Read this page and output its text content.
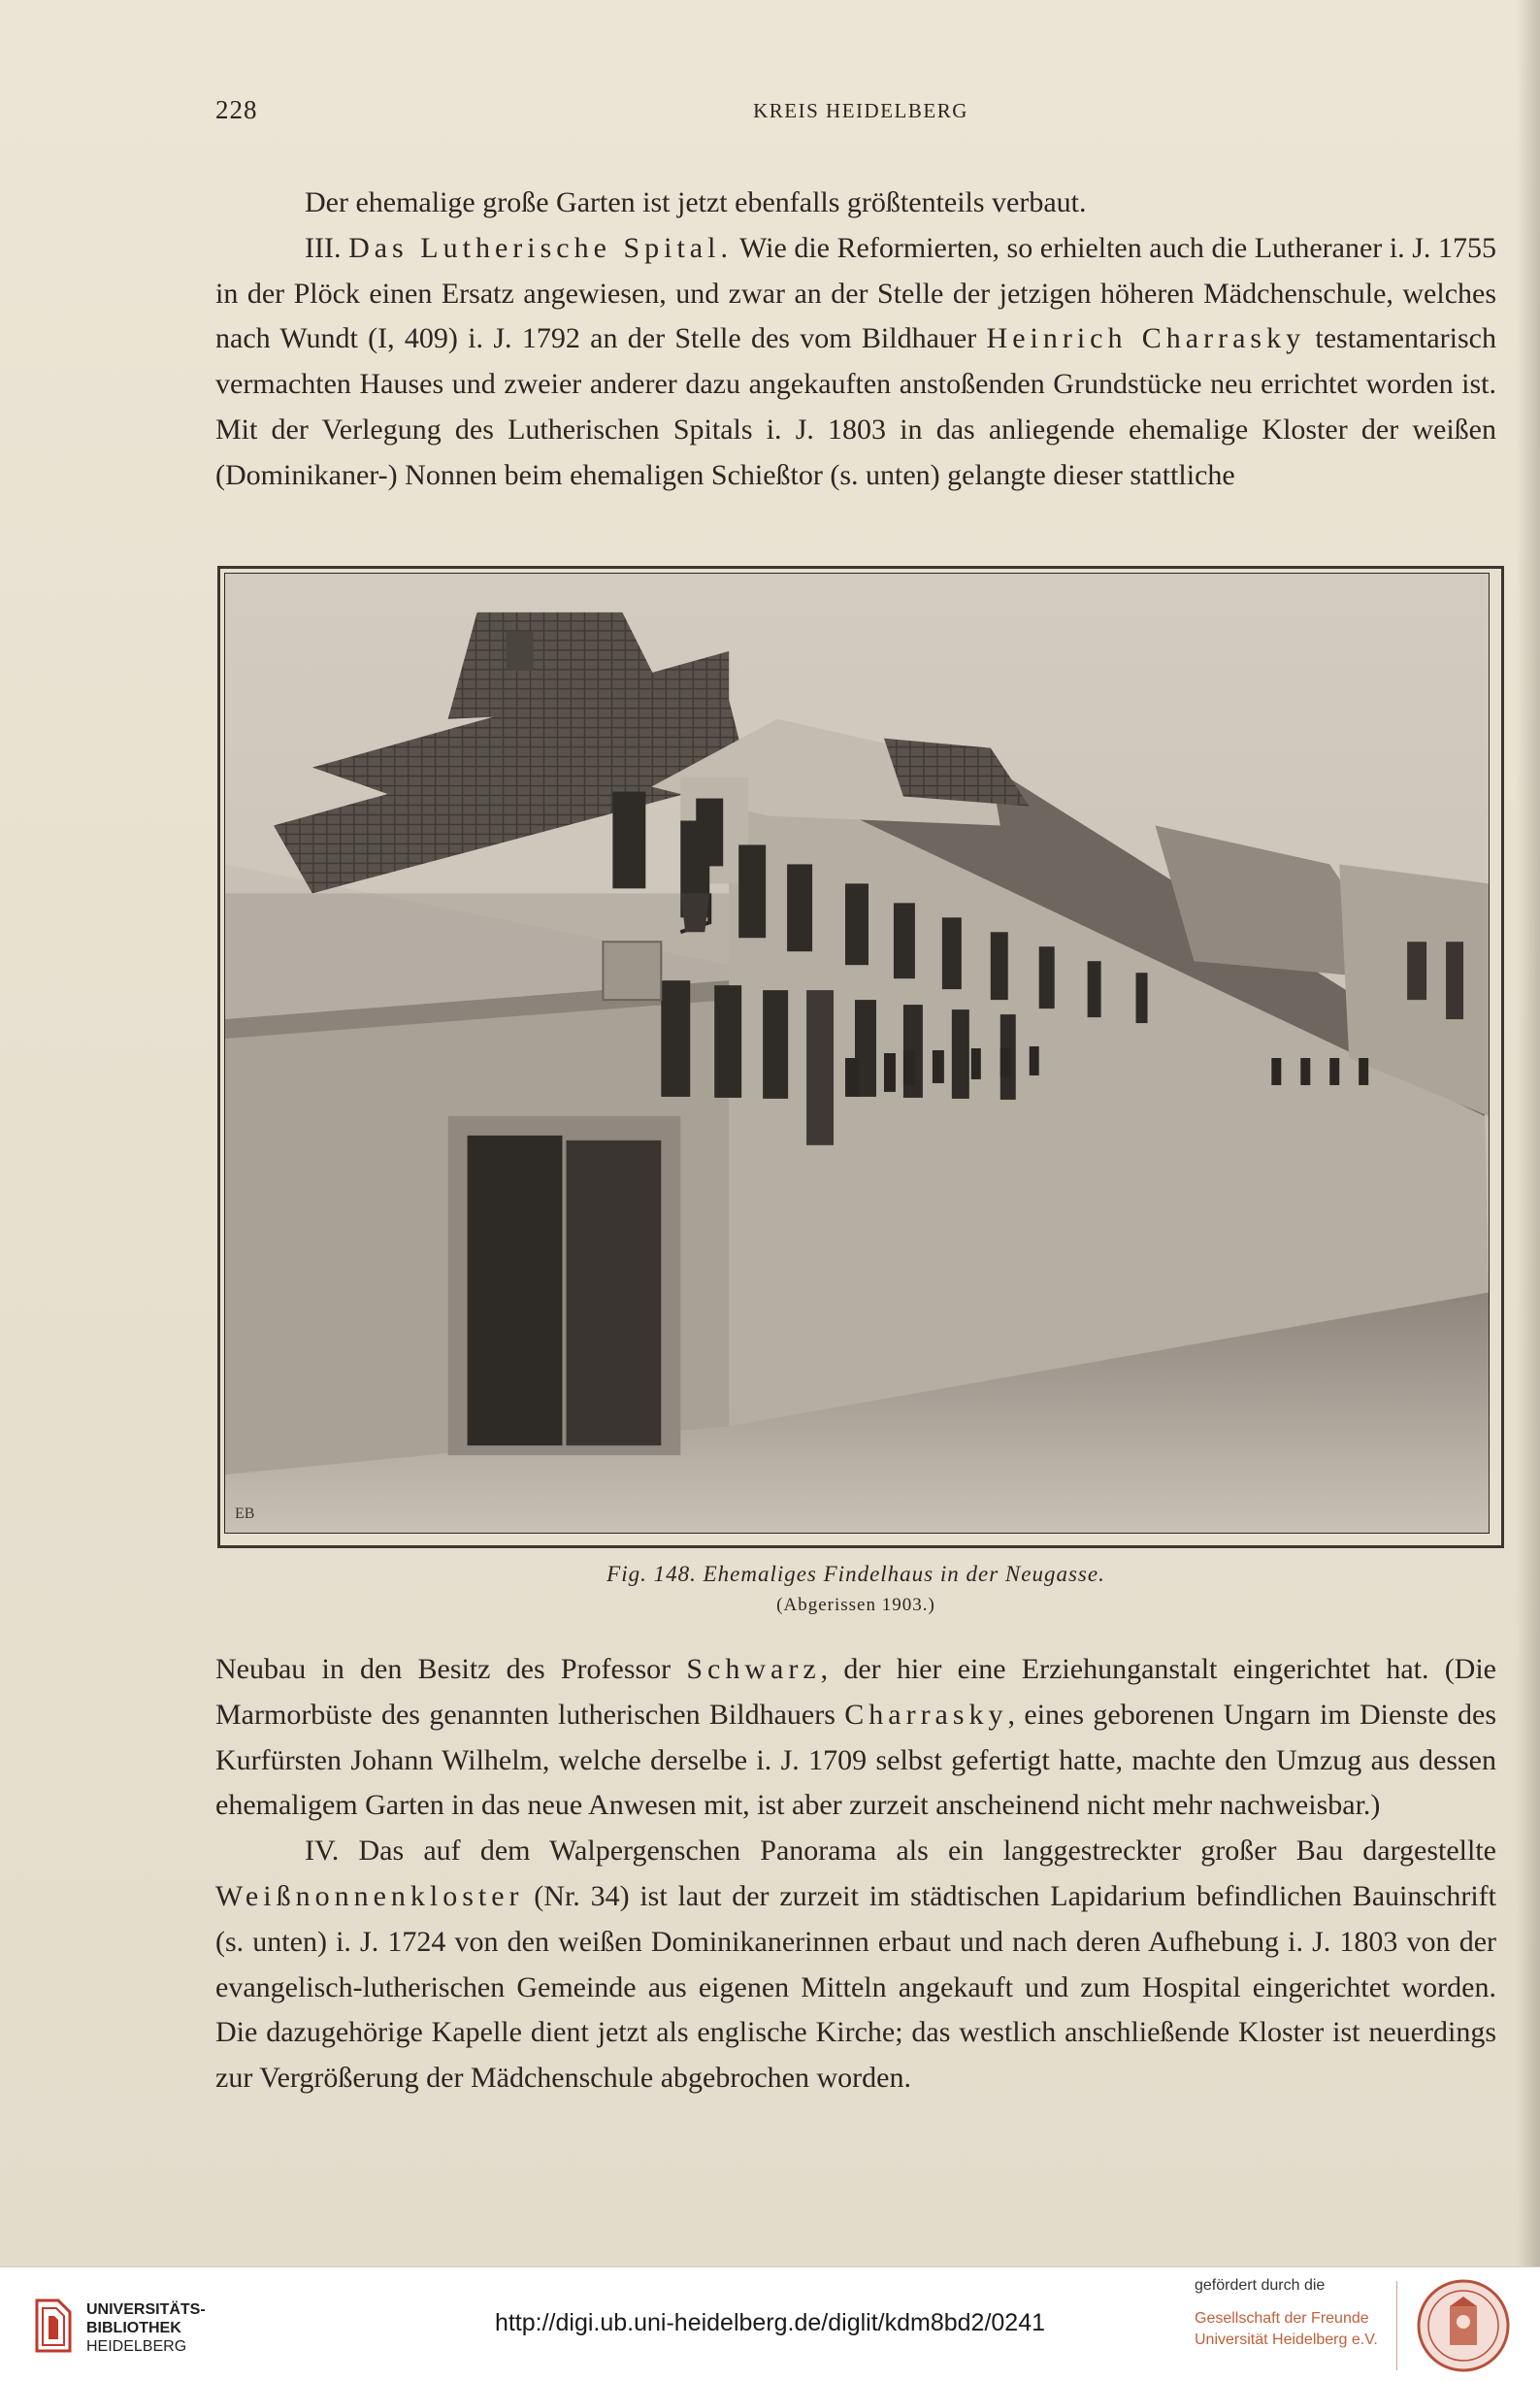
228	KREIS HEIDELBERG

Der ehemalige große Garten ist jetzt ebenfalls größtenteils verbaut.

III. Das Lutherische Spital. Wie die Reformierten, so erhielten auch die Lutheraner i. J. 1755 in der Plöck einen Ersatz angewiesen, und zwar an der Stelle der jetzigen höheren Mädchenschule, welches nach Wundt (I, 409) i. J. 1792 an der Stelle des vom Bildhauer Heinrich Charrasky testamentarisch vermachten Hauses und zweier anderer dazu angekauften anstoßenden Grundstücke neu errichtet worden ist. Mit der Verlegung des Lutherischen Spitals i. J. 1803 in das anliegende ehemalige Kloster der weißen (Dominikaner-) Nonnen beim ehemaligen Schießtor (s. unten) gelangte dieser stattliche

EB
Fig. 148. Ehemaliges Findelhaus in der Neugasse.
(Abgerissen 1903.)

Neubau in den Besitz des Professor Schwarz, der hier eine Erziehunganstalt eingerichtet hat. (Die Marmorbüste des genannten lutherischen Bildhauers Charrasky, eines geborenen Ungarn im Dienste des Kurfürsten Johann Wilhelm, welche derselbe i. J. 1709 selbst gefertigt hatte, machte den Umzug aus dessen ehemaligem Garten in das neue Anwesen mit, ist aber zurzeit anscheinend nicht mehr nachweisbar.)

IV. Das auf dem Walpergenschen Panorama als ein langgestreckter großer Bau dargestellte Weißnonnenkloster (Nr. 34) ist laut der zurzeit im städtischen Lapidarium befindlichen Bauinschrift (s. unten) i. J. 1724 von den weißen Dominikanerinnen erbaut und nach deren Aufhebung i. J. 1803 von der evangelisch-lutherischen Gemeinde aus eigenen Mitteln angekauft und zum Hospital eingerichtet worden. Die dazugehörige Kapelle dient jetzt als englische Kirche; das westlich anschließende Kloster ist neuerdings zur Vergrößerung der Mädchenschule abgebrochen worden.

UNIVERSITÄTS-
BIBLIOTHEK
HEIDELBERG
http://digi.ub.uni-heidelberg.de/diglit/kdm8bd2/0241
gefördert durch die
Gesellschaft der Freunde
Universität Heidelberg e.V.
